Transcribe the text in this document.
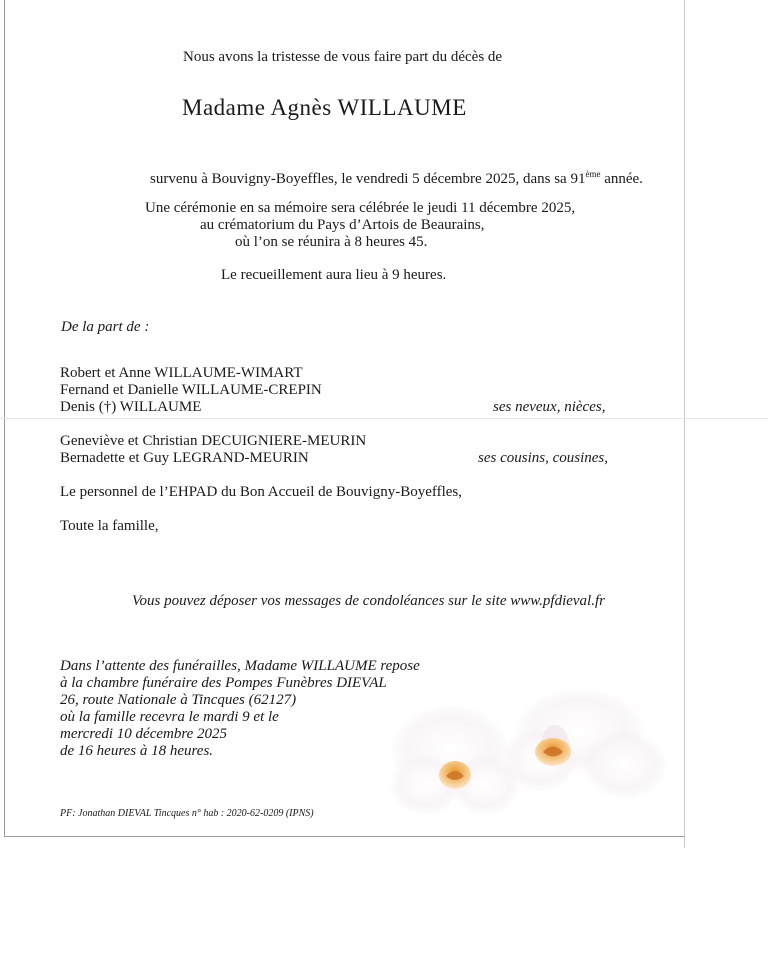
Nous avons la tristesse de vous faire part du décès de
Madame Agnès WILLAUME
survenu à Bouvigny-Boyeffles, le vendredi 5 décembre 2025, dans sa 91ème année.
Une cérémonie en sa mémoire sera célébrée le jeudi 11 décembre 2025,
au crématorium du Pays d’Artois de Beaurains,
où l’on se réunira à 8 heures 45.
Le recueillement aura lieu à 9 heures.
De la part de :
Robert et Anne WILLAUME-WIMART
Fernand et Danielle WILLAUME-CREPIN
Denis (†) WILLAUME	ses neveux, nièces,
Geneviève et Christian DECUIGNIERE-MEURIN
Bernadette et Guy LEGRAND-MEURIN	ses cousins, cousines,
Le personnel de l’EHPAD du Bon Accueil de Bouvigny-Boyeffles,
Toute la famille,
Vous pouvez déposer vos messages de condoléances sur le site www.pfdieval.fr
Dans l’attente des funérailles, Madame WILLAUME repose
à la chambre funéraire des Pompes Funèbres DIEVAL
26, route Nationale à Tincques (62127)
où la famille recevra le mardi 9 et le
mercredi 10 décembre 2025
de 16 heures à 18 heures.
PF: Jonathan DIEVAL Tincques n° hab : 2020-62-0209 (IPNS)
